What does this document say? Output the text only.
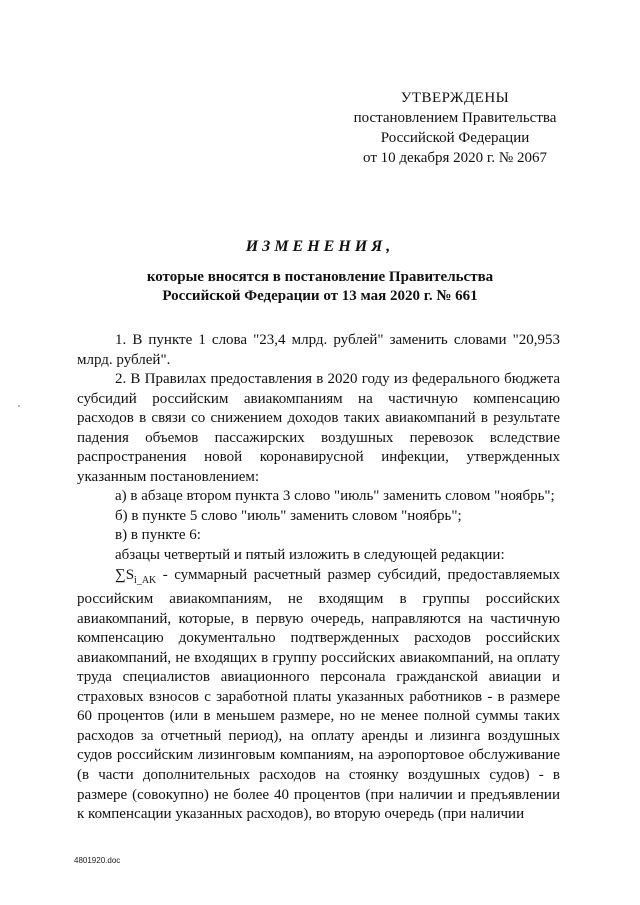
УТВЕРЖДЕНЫ
постановлением Правительства
Российской Федерации
от 10 декабря 2020 г. № 2067
ИЗМЕНЕНИЯ,
которые вносятся в постановление Правительства
Российской Федерации от 13 мая 2020 г. № 661

1. В пункте 1 слова "23,4 млрд. рублей" заменить словами "20,953 млрд. рублей".

2. В Правилах предоставления в 2020 году из федерального бюджета субсидий российским авиакомпаниям на частичную компенсацию расходов в связи со снижением доходов таких авиакомпаний в результате падения объемов пассажирских воздушных перевозок вследствие распространения новой коронавирусной инфекции, утвержденных указанным постановлением:

а) в абзаце втором пункта 3 слово "июль" заменить словом "ноябрь";

б) в пункте 5 слово "июль" заменить словом "ноябрь";

в) в пункте 6:

абзацы четвертый и пятый изложить в следующей редакции:

$\sum S_{i\_AK}$ - суммарный расчетный размер субсидий, предоставляемых российским авиакомпаниям, не входящим в группы российских авиакомпаний, которые, в первую очередь, направляются на частичную компенсацию документально подтвержденных расходов российских авиакомпаний, не входящих в группу российских авиакомпаний, на оплату труда специалистов авиационного персонала гражданской авиации и страховых взносов с заработной платы указанных работников - в размере 60 процентов (или в меньшем размере, но не менее полной суммы таких расходов за отчетный период), на оплату аренды и лизинга воздушных судов российским лизинговым компаниям, на аэропортовое обслуживание (в части дополнительных расходов на стоянку воздушных судов) - в размере (совокупно) не более 40 процентов (при наличии и предъявлении к компенсации указанных расходов), во вторую очередь (при наличии

4801920.doc
